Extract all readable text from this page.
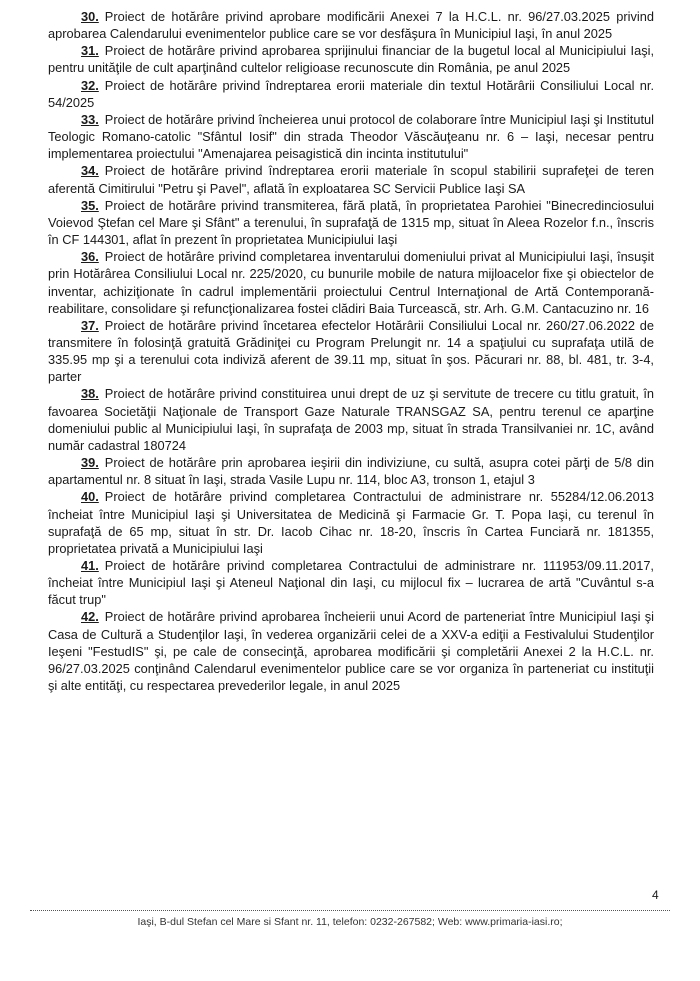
30. Proiect de hotărâre privind aprobare modificării Anexei 7 la H.C.L. nr. 96/27.03.2025 privind aprobarea Calendarului evenimentelor publice care se vor desfăşura în Municipiul Iaşi, în anul 2025

31. Proiect de hotărâre privind aprobarea sprijinului financiar de la bugetul local al Municipiului Iaşi, pentru unităţile de cult aparţinând cultelor religioase recunoscute din România, pe anul 2025

32. Proiect de hotărâre privind îndreptarea erorii materiale din textul Hotărârii Consiliului Local nr. 54/2025

33. Proiect de hotărâre privind încheierea unui protocol de colaborare între Municipiul Iaşi şi Institutul Teologic Romano-catolic "Sfântul Iosif" din strada Theodor Văscăuţeanu nr. 6 – Iaşi, necesar pentru implementarea proiectului "Amenajarea peisagistică din incinta institutului"

34. Proiect de hotărâre privind îndreptarea erorii materiale în scopul stabilirii suprafeţei de teren aferentă Cimitirului "Petru şi Pavel", aflată în exploatarea SC Servicii Publice Iaşi SA

35. Proiect de hotărâre privind transmiterea, fără plată, în proprietatea Parohiei "Binecredinciosului Voievod Ştefan cel Mare şi Sfânt" a terenului, în suprafaţă de 1315 mp, situat în Aleea Rozelor f.n., înscris în CF 144301, aflat în prezent în proprietatea Municipiului Iaşi

36. Proiect de hotărâre privind completarea inventarului domeniului privat al Municipiului Iaşi, însuşit prin Hotărârea Consiliului Local nr. 225/2020, cu bunurile mobile de natura mijloacelor fixe şi obiectelor de inventar, achiziţionate în cadrul implementării proiectului Centrul Internaţional de Artă Contemporană-reabilitare, consolidare şi refuncţionalizarea fostei clădiri Baia Turcească, str. Arh. G.M. Cantacuzino nr. 16

37. Proiect de hotărâre privind încetarea efectelor Hotărârii Consiliului Local nr. 260/27.06.2022 de transmitere în folosinţă gratuită Grădiniţei cu Program Prelungit nr. 14 a spaţiului cu suprafaţa utilă de 335.95 mp şi a terenului cota indiviză aferent de 39.11 mp, situat în şos. Păcurari nr. 88, bl. 481, tr. 3-4, parter

38. Proiect de hotărâre privind constituirea unui drept de uz şi servitute de trecere cu titlu gratuit, în favoarea Societăţii Naţionale de Transport Gaze Naturale TRANSGAZ SA, pentru terenul ce aparţine domeniului public al Municipiului Iaşi, în suprafaţa de 2003 mp, situat în strada Transilvaniei nr. 1C, având număr cadastral 180724

39. Proiect de hotărâre prin aprobarea ieşirii din indiviziune, cu sultă, asupra cotei părţi de 5/8 din apartamentul nr. 8 situat în Iaşi, strada Vasile Lupu nr. 114, bloc A3, tronson 1, etajul 3

40. Proiect de hotărâre privind completarea Contractului de administrare nr. 55284/12.06.2013 încheiat între Municipiul Iaşi şi Universitatea de Medicină şi Farmacie Gr. T. Popa Iaşi, cu terenul în suprafaţă de 65 mp, situat în str. Dr. Iacob Cihac nr. 18-20, înscris în Cartea Funciară nr. 181355, proprietatea privată a Municipiului Iaşi

41. Proiect de hotărâre privind completarea Contractului de administrare nr. 111953/09.11.2017, încheiat între Municipiul Iaşi şi Ateneul Naţional din Iaşi, cu mijlocul fix – lucrarea de artă "Cuvântul s-a făcut trup"

42. Proiect de hotărâre privind aprobarea încheierii unui Acord de parteneriat între Municipiul Iaşi şi Casa de Cultură a Studenţilor Iaşi, în vederea organizării celei de a XXV-a ediţii a Festivalului Studenţilor Ieşeni "FestudIS" şi, pe cale de consecinţă, aprobarea modificării şi completării Anexei 2 la H.C.L. nr. 96/27.03.2025 conţinând Calendarul evenimentelor publice care se vor organiza în parteneriat cu instituţii şi alte entităţi, cu respectarea prevederilor legale, in anul 2025

4
Iaşi, B-dul Stefan cel Mare si Sfant nr. 11, telefon: 0232-267582; Web: www.primaria-iasi.ro;
